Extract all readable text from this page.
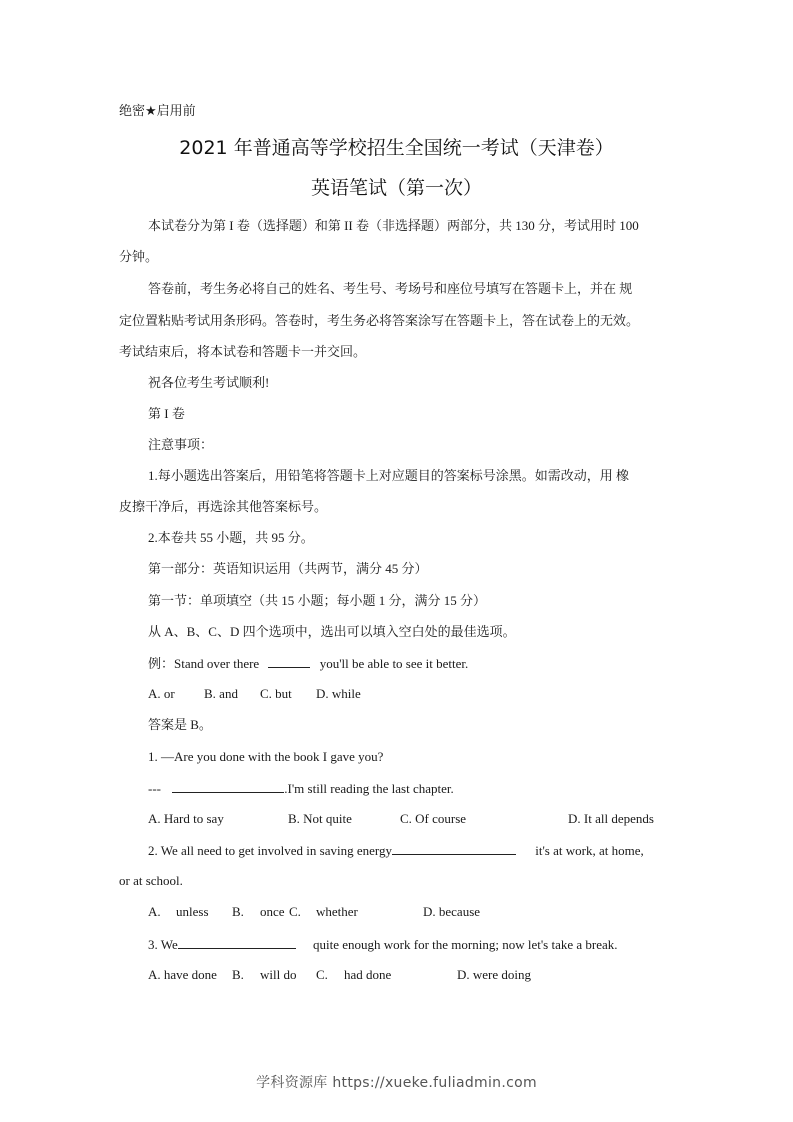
绝密★启用前
2021 年普通高等学校招生全国统一考试（天津卷）
英语笔试（第一次）
本试卷分为第 I 卷（选择题）和第 II 卷（非选择题）两部分，共 130 分，考试用时 100
分钟。
答卷前，考生务必将自己的姓名、考生号、考场号和座位号填写在答题卡上，并在 规
定位置粘贴考试用条形码。答卷时，考生务必将答案涂写在答题卡上，答在试卷上的无效。
考试结束后，将本试卷和答题卡一并交回。
祝各位考生考试顺利!
第 I 卷
注意事项：
1.每小题选出答案后，用铅笔将答题卡上对应题目的答案标号涂黑。如需改动，用 橡
皮擦干净后，再选涂其他答案标号。
2.本卷共 55 小题，共 95 分。
第一部分：英语知识运用（共两节，满分 45 分）
第一节：单项填空（共 15 小题；每小题 1 分，满分 15 分）
从 A、B、C、D 四个选项中，选出可以填入空白处的最佳选项。
例：Stand over there	you'll be able to see it better.
A. or B. and C. but D. while
答案是 B。
1. —Are you done with the book I gave you?
---	.I'm still reading the last chapter.
A. Hard to say	B. Not quite	C. Of course	D. It all depends
2. We all need to get involved in saving energy	it's at work, at home,
or at school.
A. unless B. once C. whether	D. because
3. We	quite enough work for the morning; now let's take a break.
A. have done B. will do C. had done	D. were doing
学科资源库 https://xueke.fuliadmin.com
